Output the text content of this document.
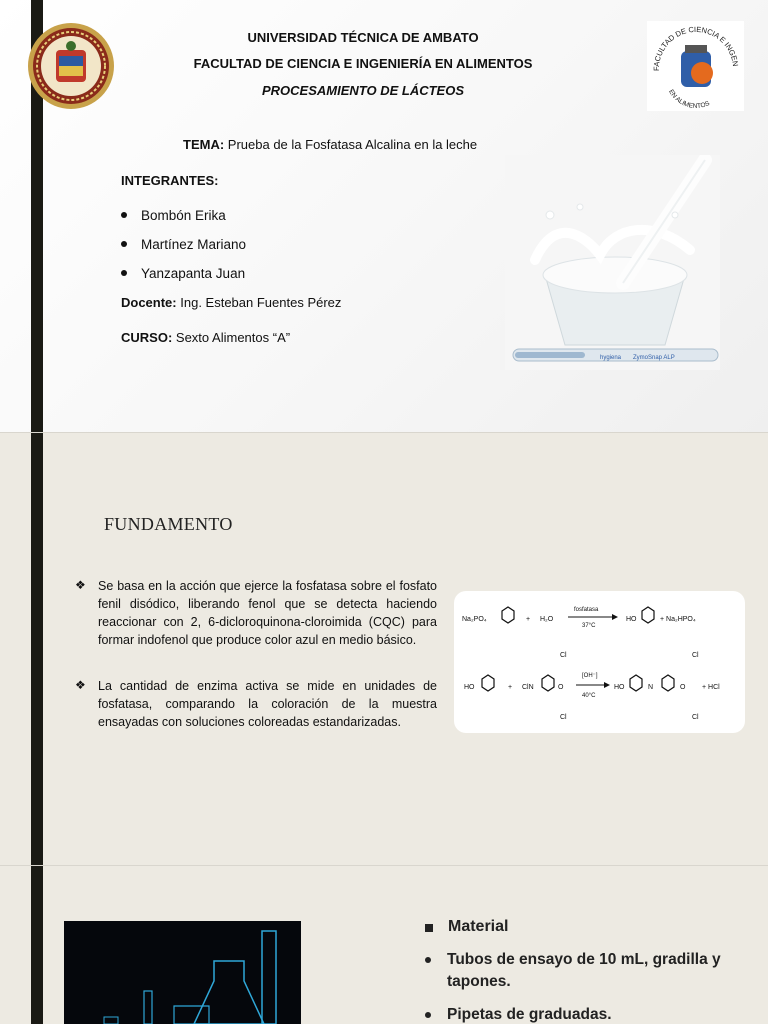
UNIVERSIDAD TÉCNICA DE AMBATO
FACULTAD DE CIENCIA E INGENIERÍA EN ALIMENTOS
PROCESAMIENTO DE LÁCTEOS
FACULTAD DE CIENCIA E INGEN
EN ALIMENTOS
TEMA: Prueba de la Fosfatasa Alcalina en la leche
INTEGRANTES:
Bombón Erika
Martínez Mariano
Yanzapanta Juan
Docente: Ing. Esteban Fuentes Pérez
CURSO: Sexto Alimentos “A”
hygiena ZymoSnap ALP
FUNDAMENTO
❖ Se basa en la acción que ejerce la fosfatasa sobre el fosfato fenil disódico, liberando fenol que se detecta haciendo reaccionar con 2, 6-dicloroquinona-cloroimida (CQC) para formar indofenol que produce color azul en medio básico.
❖ La cantidad de enzima activa se mide en unidades de fosfatasa, comparando la coloración de la muestra ensayadas con soluciones coloreadas estandarizadas.
Na₂PO₄	+ H₂O
fosfatasa
37°C
HO	+ Na₂HPO₄
HO	+ ClN	O
Cl
Cl
[OH⁻]
40°C
HO	N	O
Cl
Cl
+ HCl
Material
Tubos de ensayo de 10 mL, gradilla y tapones.
Pipetas de graduadas.
